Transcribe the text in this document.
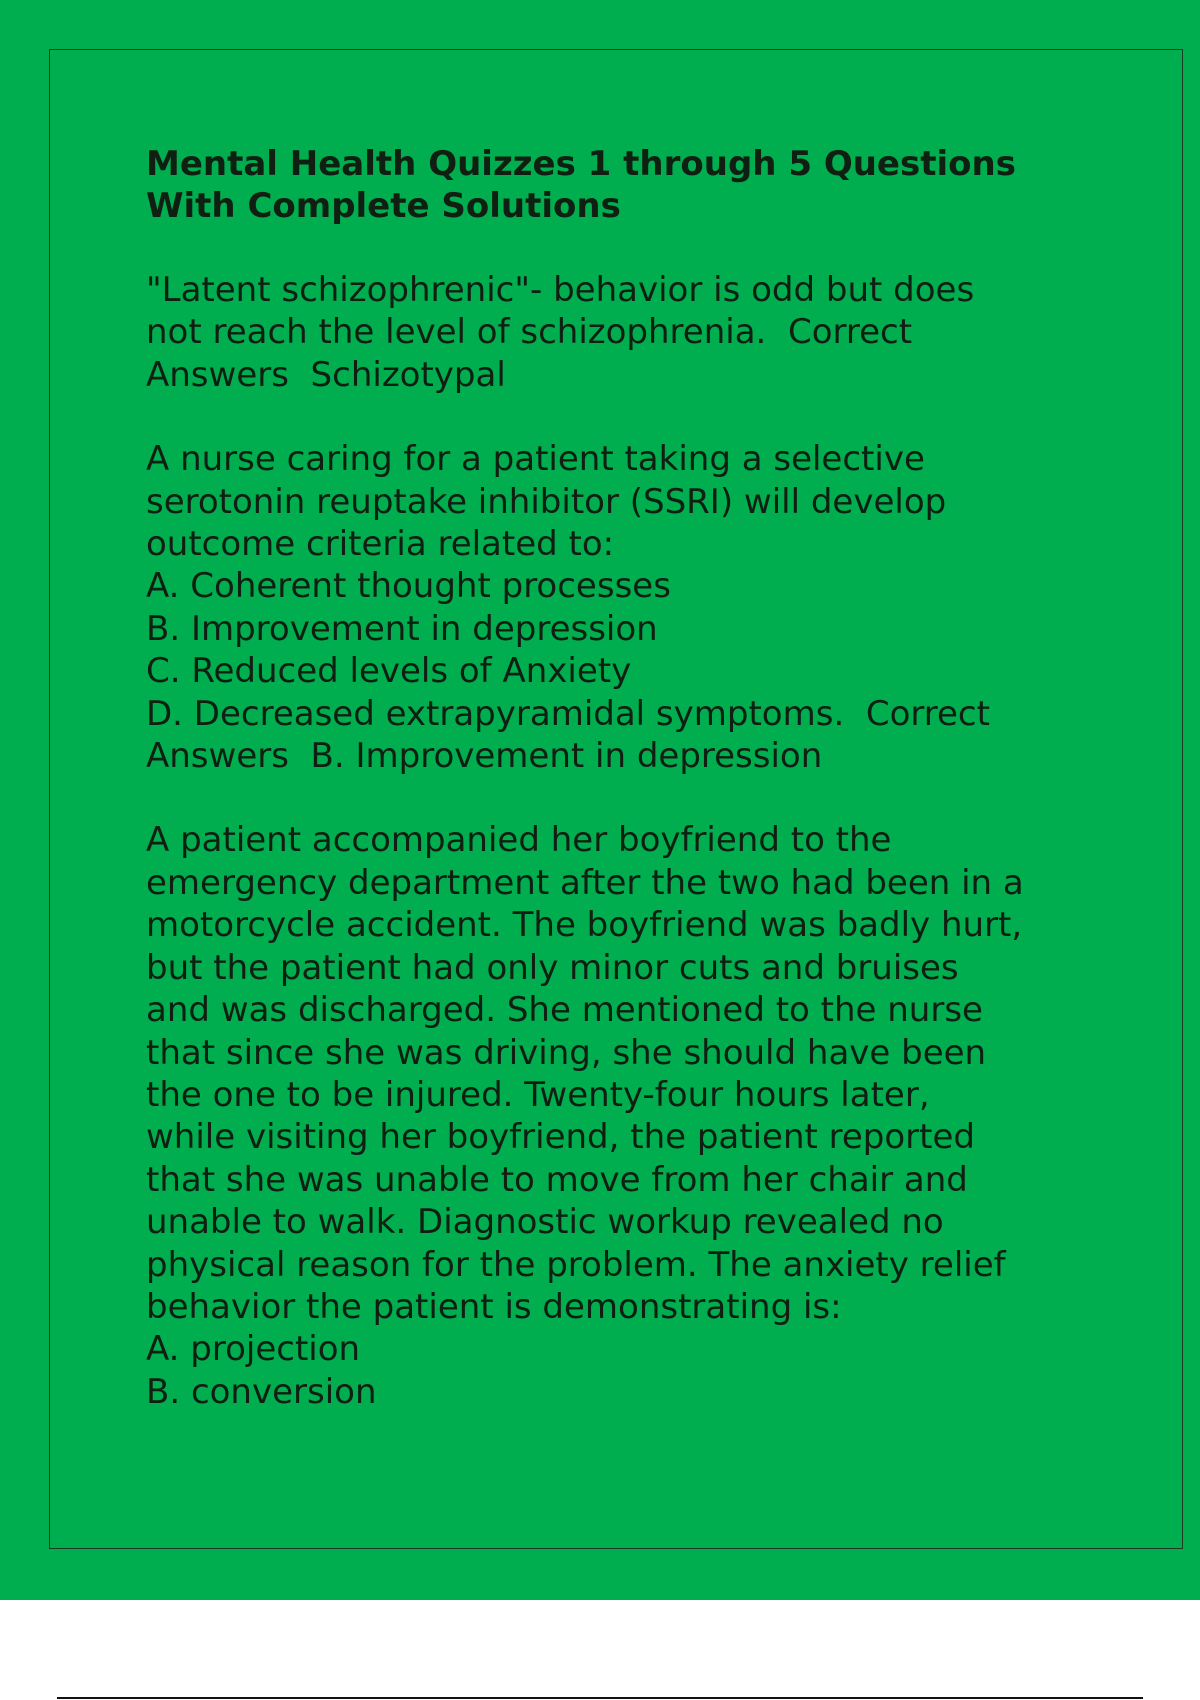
Mental Health Quizzes 1 through 5 Questions
With Complete Solutions
"Latent schizophrenic"- behavior is odd but does
not reach the level of schizophrenia.  Correct
Answers  Schizotypal
A nurse caring for a patient taking a selective
serotonin reuptake inhibitor (SSRI) will develop
outcome criteria related to:
A. Coherent thought processes
B. Improvement in depression
C. Reduced levels of Anxiety
D. Decreased extrapyramidal symptoms.  Correct
Answers  B. Improvement in depression
A patient accompanied her boyfriend to the
emergency department after the two had been in a
motorcycle accident. The boyfriend was badly hurt,
but the patient had only minor cuts and bruises
and was discharged. She mentioned to the nurse
that since she was driving, she should have been
the one to be injured. Twenty-four hours later,
while visiting her boyfriend, the patient reported
that she was unable to move from her chair and
unable to walk. Diagnostic workup revealed no
physical reason for the problem. The anxiety relief
behavior the patient is demonstrating is:
A. projection
B. conversion
